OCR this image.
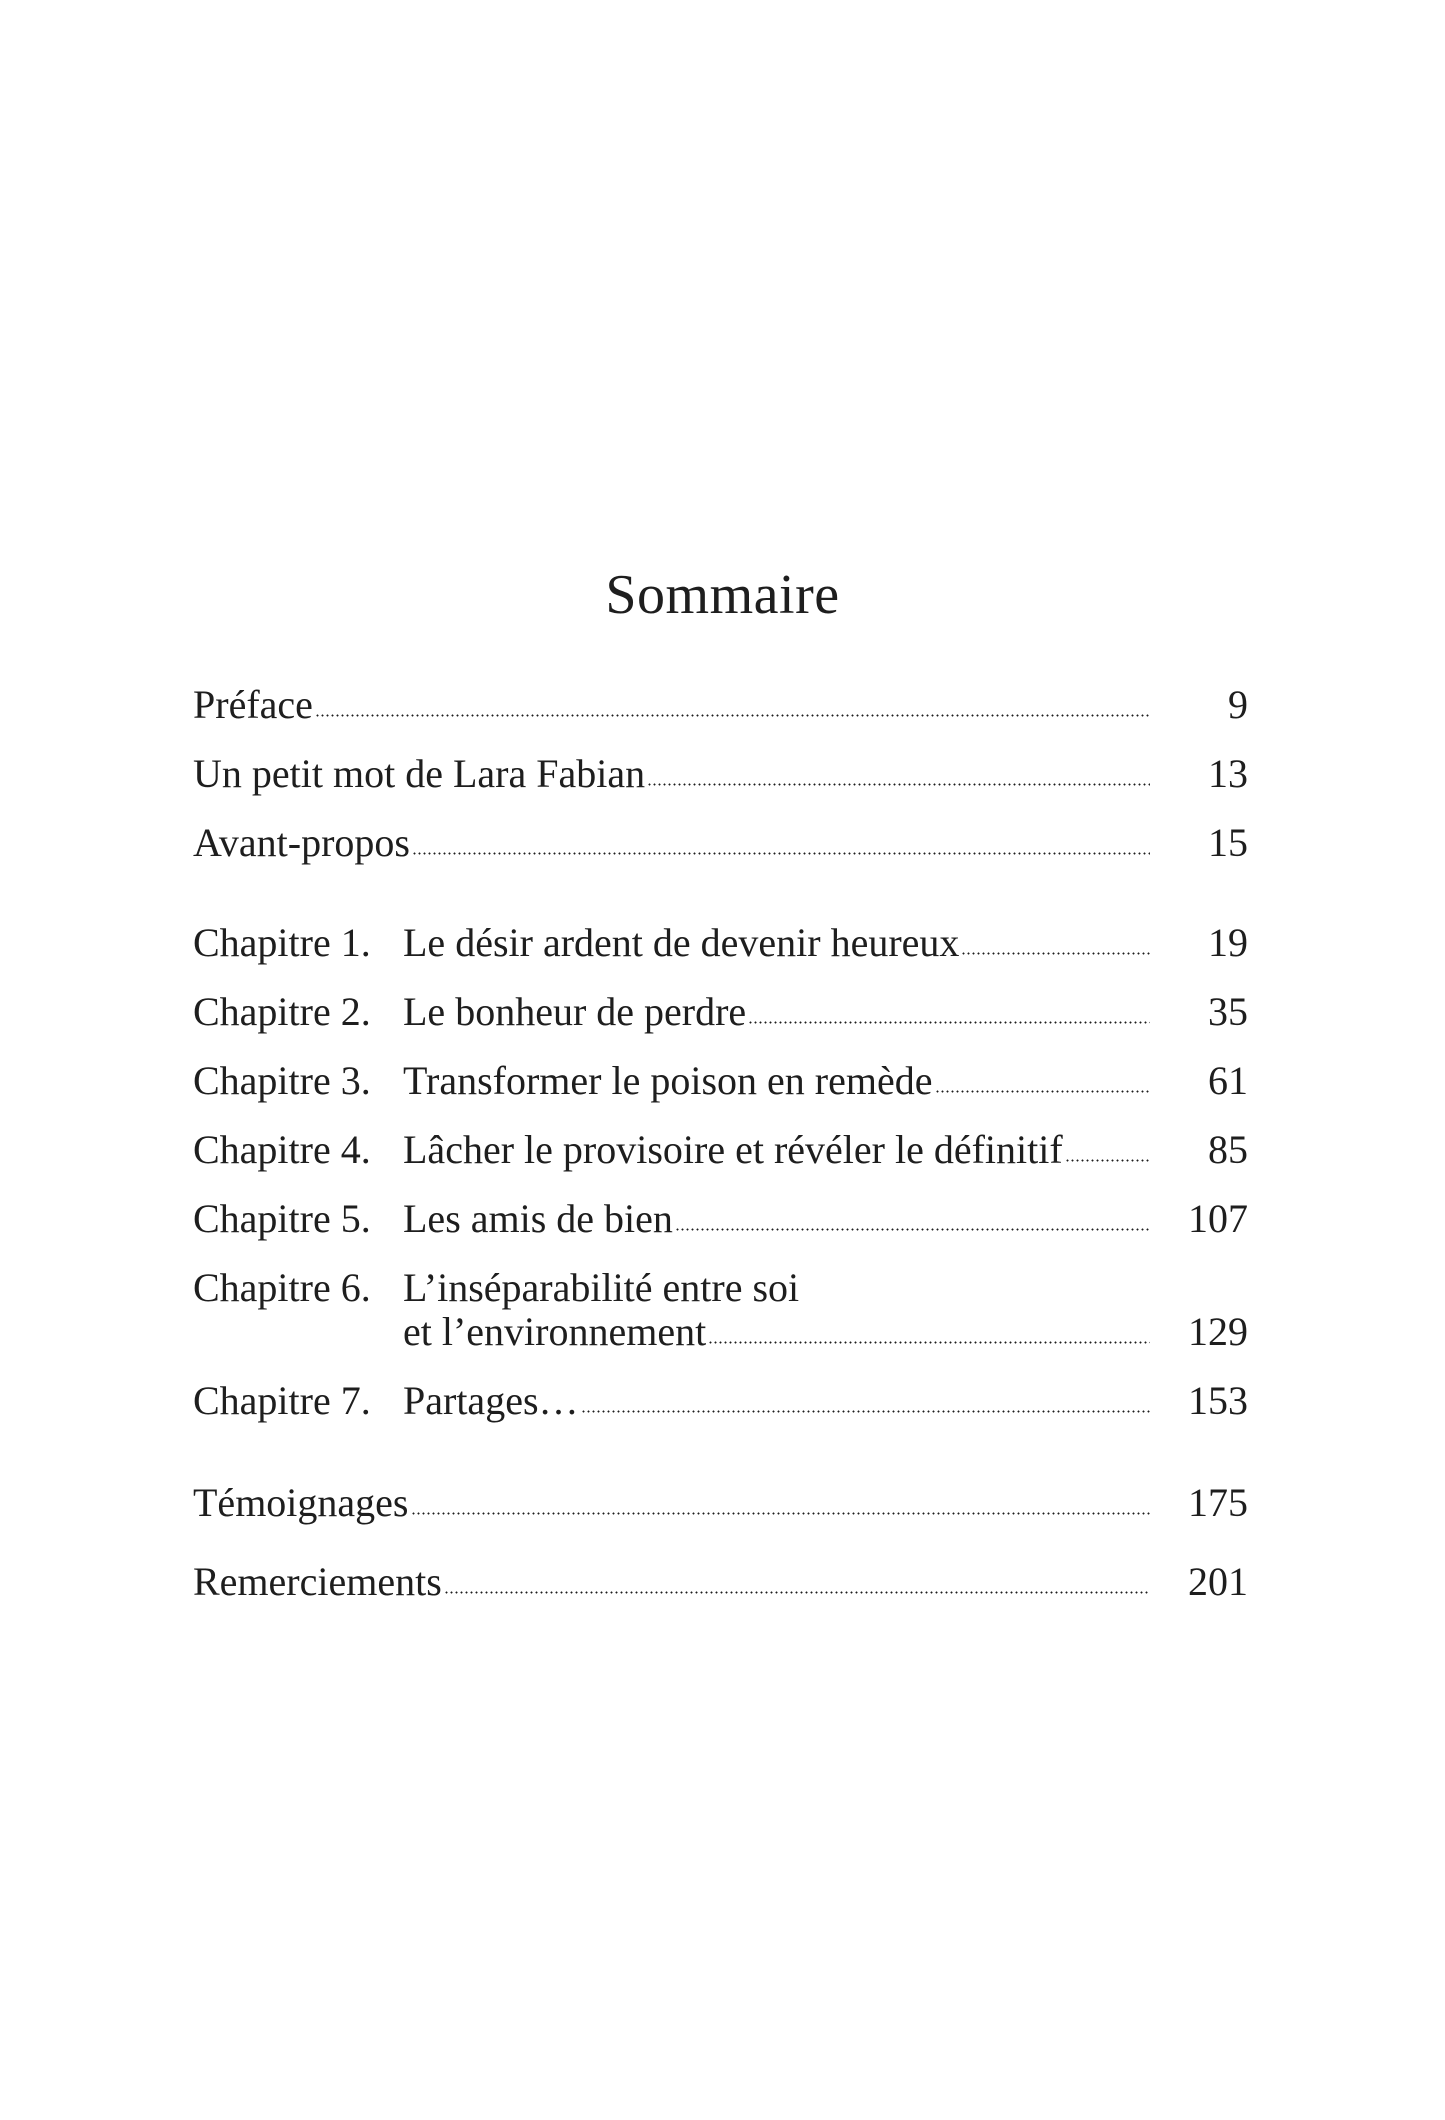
Sommaire
Préface	9
Un petit mot de Lara Fabian	13
Avant-propos	15
Chapitre 1. Le désir ardent de devenir heureux	19
Chapitre 2. Le bonheur de perdre	35
Chapitre 3. Transformer le poison en remède	61
Chapitre 4. Lâcher le provisoire et révéler le définitif	85
Chapitre 5. Les amis de bien	107
Chapitre 6. L’inséparabilité entre soi
et l’environnement	129
Chapitre 7. Partages…	153
Témoignages	175
Remerciements	201
